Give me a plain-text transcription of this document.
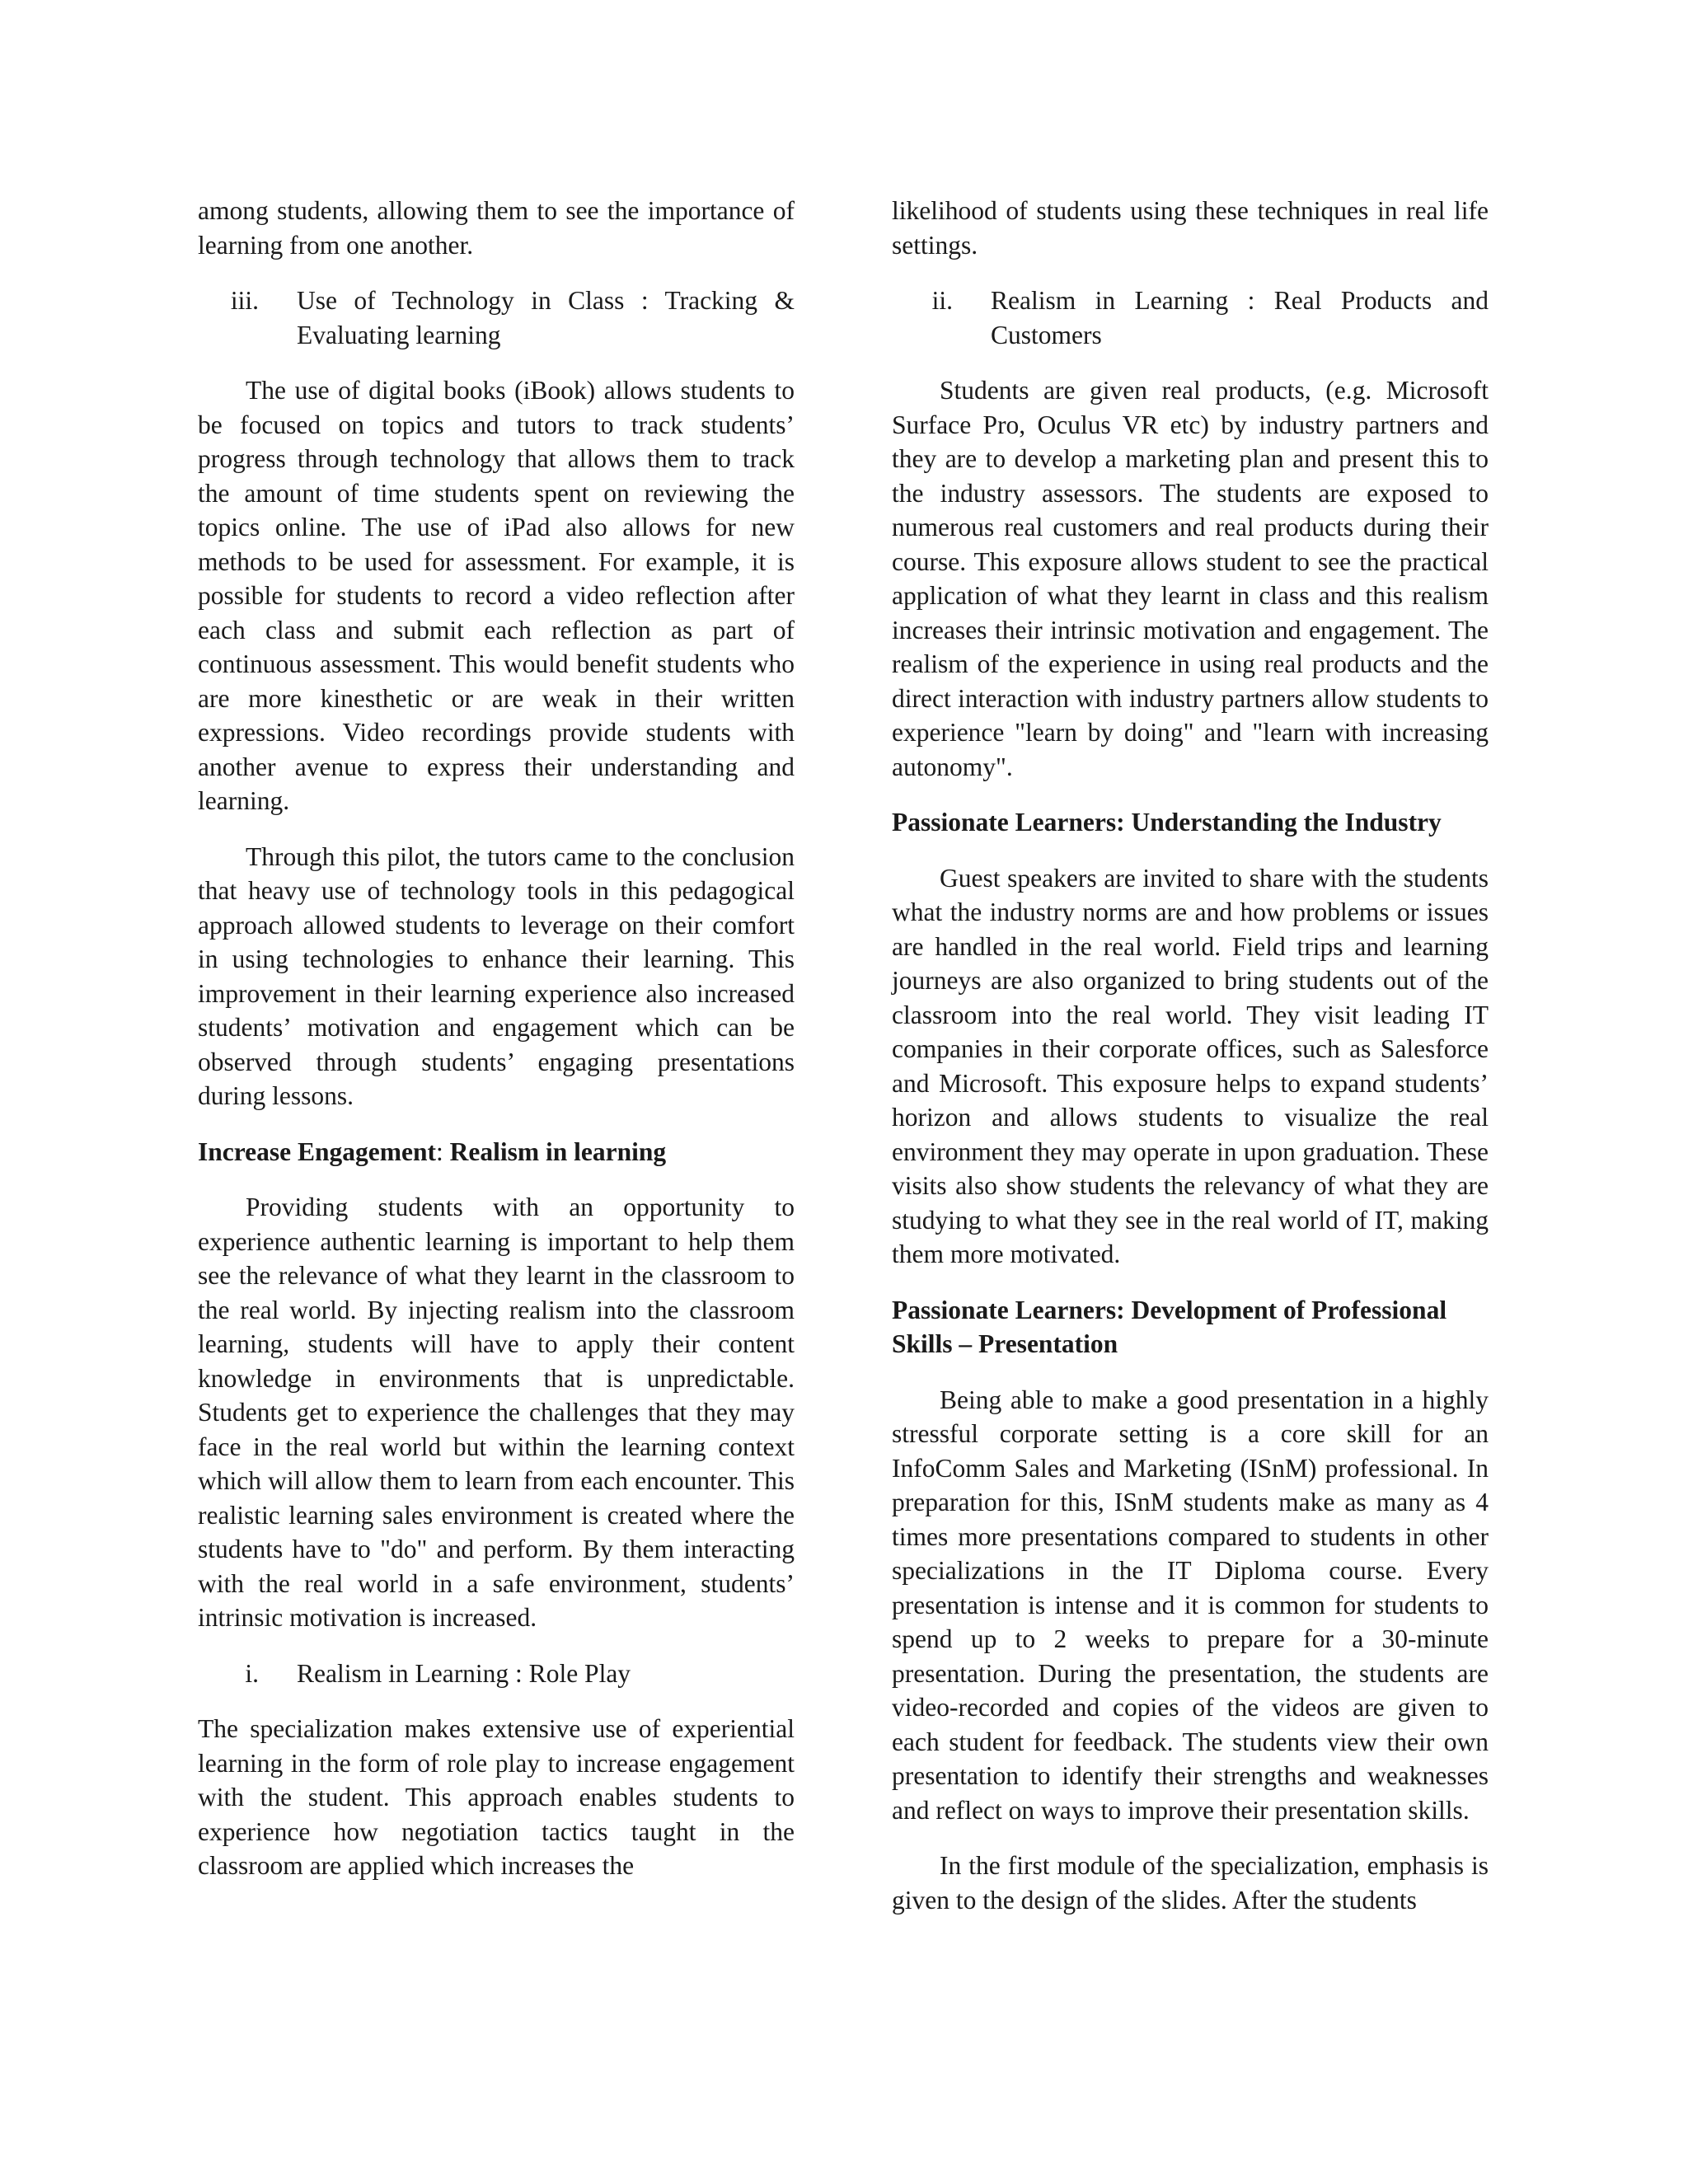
among students, allowing them to see the importance of learning from one another.

iii.	Use of Technology in Class : Tracking & Evaluating learning

The use of digital books (iBook) allows students to be focused on topics and tutors to track students’ progress through technology that allows them to track the amount of time students spent on reviewing the topics online. The use of iPad also allows for new methods to be used for assessment. For example, it is possible for students to record a video reflection after each class and submit each reflection as part of continuous assessment. This would benefit students who are more kinesthetic or are weak in their written expressions. Video recordings provide students with another avenue to express their understanding and learning.

Through this pilot, the tutors came to the conclusion that heavy use of technology tools in this pedagogical approach allowed students to leverage on their comfort in using technologies to enhance their learning. This improvement in their learning experience also increased students’ motivation and engagement which can be observed through students’ engaging presentations during lessons.

Increase Engagement: Realism in learning

Providing students with an opportunity to experience authentic learning is important to help them see the relevance of what they learnt in the classroom to the real world. By injecting realism into the classroom learning, students will have to apply their content knowledge in environments that is unpredictable. Students get to experience the challenges that they may face in the real world but within the learning context which will allow them to learn from each encounter. This realistic learning sales environment is created where the students have to "do" and perform. By them interacting with the real world in a safe environment, students’ intrinsic motivation is increased.

i.	Realism in Learning : Role Play

The specialization makes extensive use of experiential learning in the form of role play to increase engagement with the student. This approach enables students to experience how negotiation tactics taught in the classroom are applied which increases the

likelihood of students using these techniques in real life settings.

ii.	Realism in Learning : Real Products and Customers

Students are given real products, (e.g. Microsoft Surface Pro, Oculus VR etc) by industry partners and they are to develop a marketing plan and present this to the industry assessors. The students are exposed to numerous real customers and real products during their course. This exposure allows student to see the practical application of what they learnt in class and this realism increases their intrinsic motivation and engagement. The realism of the experience in using real products and the direct interaction with industry partners allow students to experience "learn by doing" and "learn with increasing autonomy".

Passionate Learners: Understanding the Industry

Guest speakers are invited to share with the students what the industry norms are and how problems or issues are handled in the real world. Field trips and learning journeys are also organized to bring students out of the classroom into the real world. They visit leading IT companies in their corporate offices, such as Salesforce and Microsoft. This exposure helps to expand students’ horizon and allows students to visualize the real environment they may operate in upon graduation. These visits also show students the relevancy of what they are studying to what they see in the real world of IT, making them more motivated.

Passionate Learners: Development of Professional Skills – Presentation

Being able to make a good presentation in a highly stressful corporate setting is a core skill for an InfoComm Sales and Marketing (ISnM) professional. In preparation for this, ISnM students make as many as 4 times more presentations compared to students in other specializations in the IT Diploma course. Every presentation is intense and it is common for students to spend up to 2 weeks to prepare for a 30-minute presentation. During the presentation, the students are video-recorded and copies of the videos are given to each student for feedback. The students view their own presentation to identify their strengths and weaknesses and reflect on ways to improve their presentation skills.

In the first module of the specialization, emphasis is given to the design of the slides. After the students
